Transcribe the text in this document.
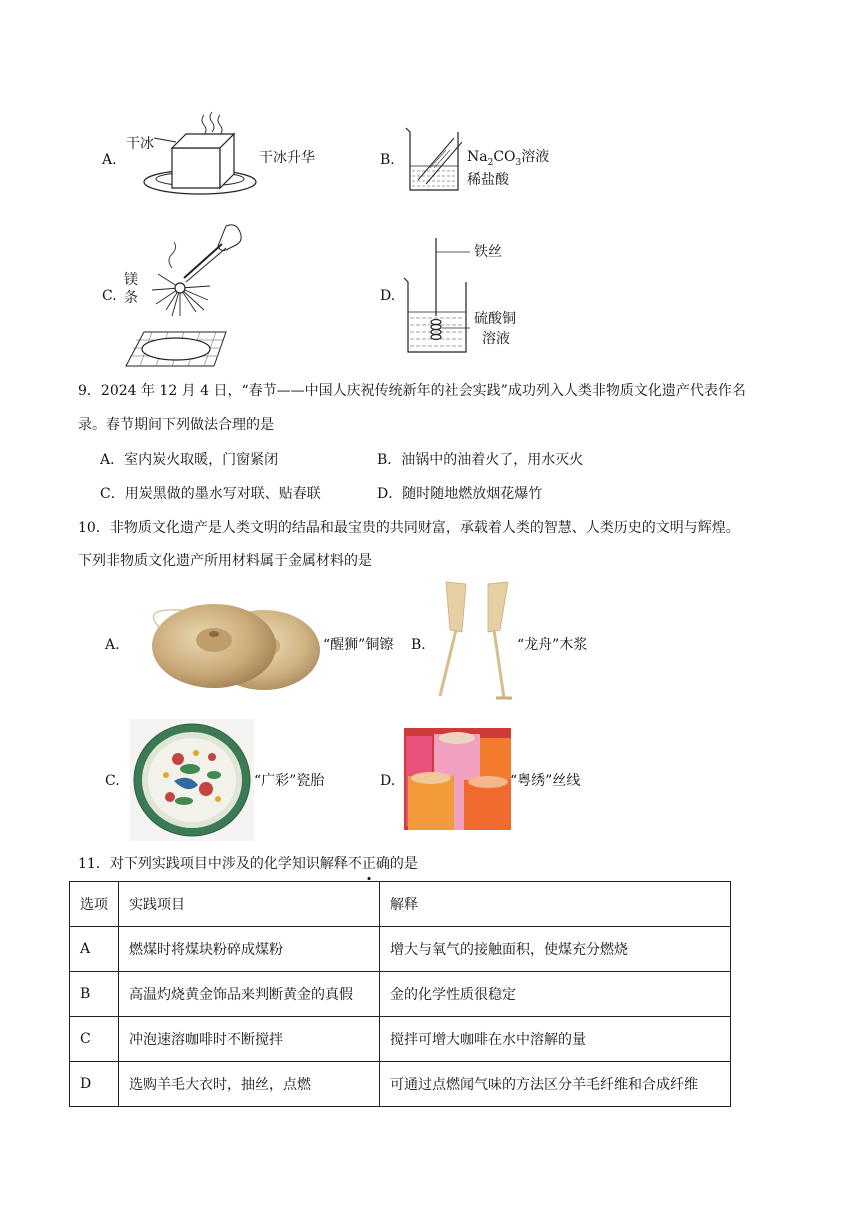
A.
干冰
干冰升华	B.	$Na_2CO_3$溶液
稀盐酸
C.
镁
条	D.
铁丝
硫酸铜
溶液
9．2024 年 12 月 4 日，“春节——中国人庆祝传统新年的社会实践”成功列入人类非物质文化遗产代表作名
录。春节期间下列做法合理的是
A．室内炭火取暖，门窗紧闭	B．油锅中的油着火了，用水灭火
C．用炭黑做的墨水写对联、贴春联	D．随时随地燃放烟花爆竹
10．非物质文化遗产是人类文明的结晶和最宝贵的共同财富，承载着人类的智慧、人类历史的文明与辉煌。
下列非物质文化遗产所用材料属于金属材料的是
A.	“醒狮”铜镲 B.	“龙舟”木浆
C.	“广彩”瓷胎	D.	“粤绣”丝线
11．对下列实践项目中涉及的化学知识解释不正确的是
选项	实践项目	解释
A	燃煤时将煤块粉碎成煤粉	增大与氧气的接触面积，使煤充分燃烧
B	高温灼烧黄金饰品来判断黄金的真假	金的化学性质很稳定
C	冲泡速溶咖啡时不断搅拌	搅拌可增大咖啡在水中溶解的量
D	选购羊毛大衣时，抽丝，点燃	可通过点燃闻气味的方法区分羊毛纤维和合成纤维
